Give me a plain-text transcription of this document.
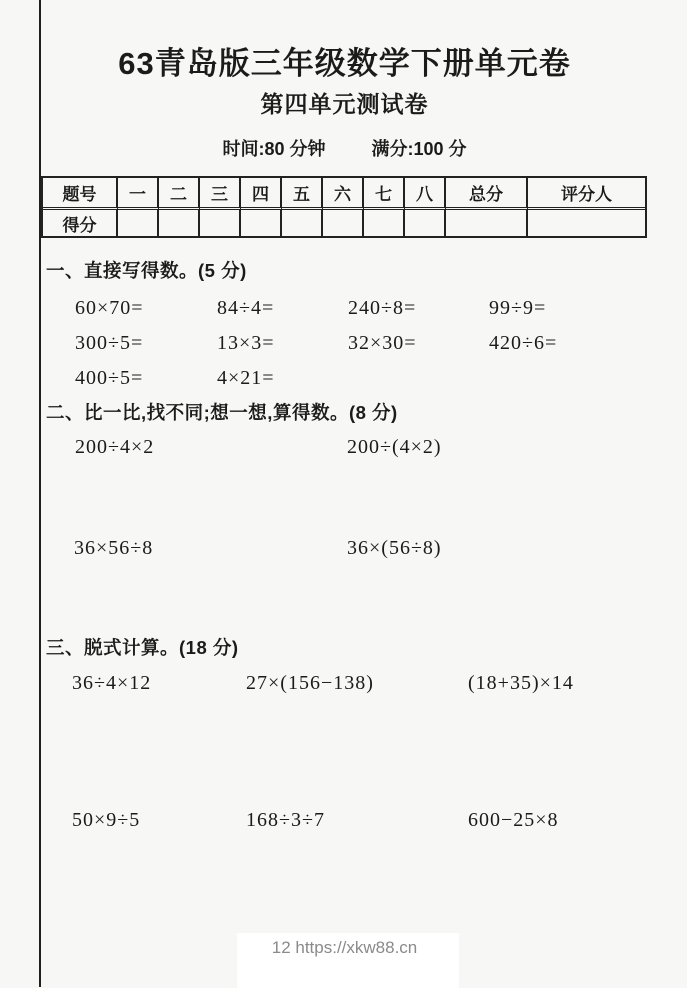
63青岛版三年级数学下册单元卷
第四单元测试卷
时间:80 分钟	满分:100 分
题号	一	二	三	四	五	六	七	八	总分	评分人
得分										
一、直接写得数。(5 分)
60×70=	84÷4=	240÷8=	99÷9=
300÷5=	13×3=	32×30=	420÷6=
400÷5=	4×21=
二、比一比,找不同;想一想,算得数。(8 分)
200÷4×2	200÷(4×2)
36×56÷8	36×(56÷8)
三、脱式计算。(18 分)
36÷4×12	27×(156−138)	(18+35)×14
50×9÷5	168÷3÷7	600−25×8
12 https://xkw88.cn
